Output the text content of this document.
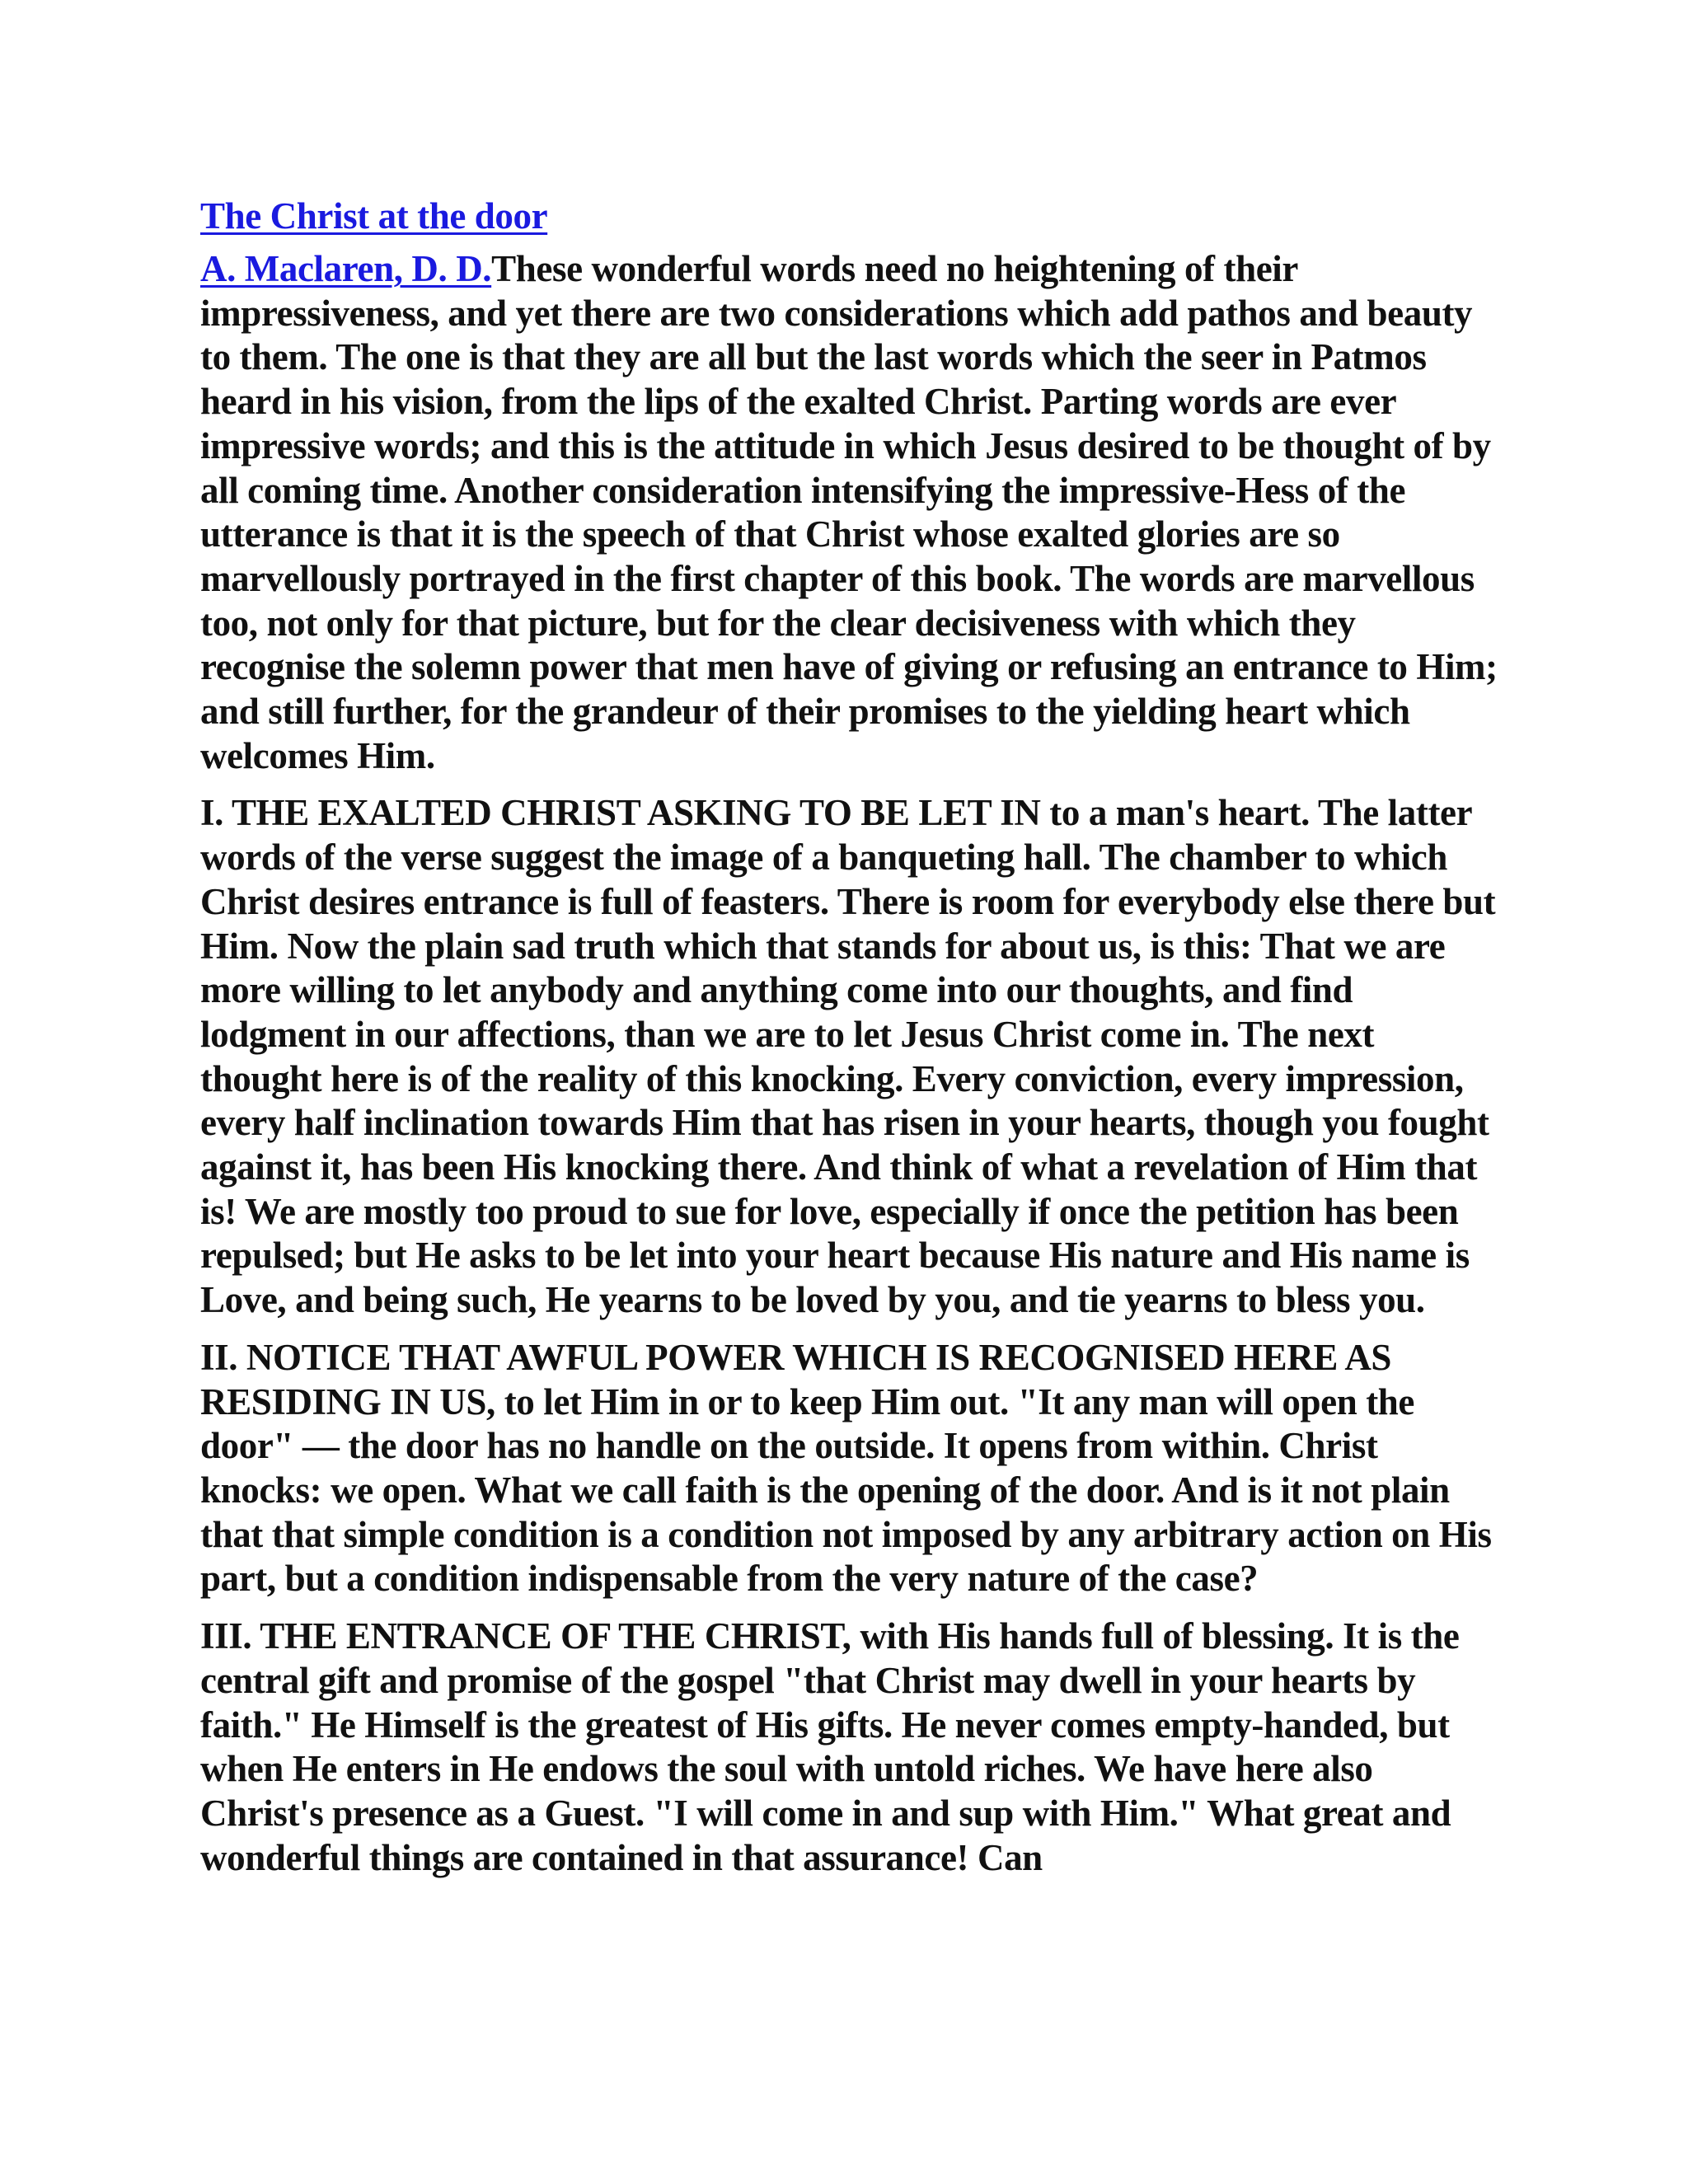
The Christ at the door

A. Maclaren, D. D.These wonderful words need no heightening of their impressiveness, and yet there are two considerations which add pathos and beauty to them. The one is that they are all but the last words which the seer in Patmos heard in his vision, from the lips of the exalted Christ. Parting words are ever impressive words; and this is the attitude in which Jesus desired to be thought of by all coming time. Another consideration intensifying the impressive-Hess of the utterance is that it is the speech of that Christ whose exalted glories are so marvellously portrayed in the first chapter of this book. The words are marvellous too, not only for that picture, but for the clear decisiveness with which they recognise the solemn power that men have of giving or refusing an entrance to Him; and still further, for the grandeur of their promises to the yielding heart which welcomes Him.

I. THE EXALTED CHRIST ASKING TO BE LET IN to a man's heart. The latter words of the verse suggest the image of a banqueting hall. The chamber to which Christ desires entrance is full of feasters. There is room for everybody else there but Him. Now the plain sad truth which that stands for about us, is this: That we are more willing to let anybody and anything come into our thoughts, and find lodgment in our affections, than we are to let Jesus Christ come in. The next thought here is of the reality of this knocking. Every conviction, every impression, every half inclination towards Him that has risen in your hearts, though you fought against it, has been His knocking there. And think of what a revelation of Him that is! We are mostly too proud to sue for love, especially if once the petition has been repulsed; but He asks to be let into your heart because His nature and His name is Love, and being such, He yearns to be loved by you, and tie yearns to bless you.

II. NOTICE THAT AWFUL POWER WHICH IS RECOGNISED HERE AS RESIDING IN US, to let Him in or to keep Him out. "It any man will open the door" — the door has no handle on the outside. It opens from within. Christ knocks: we open. What we call faith is the opening of the door. And is it not plain that that simple condition is a condition not imposed by any arbitrary action on His part, but a condition indispensable from the very nature of the case?

III. THE ENTRANCE OF THE CHRIST, with His hands full of blessing. It is the central gift and promise of the gospel "that Christ may dwell in your hearts by faith." He Himself is the greatest of His gifts. He never comes empty-handed, but when He enters in He endows the soul with untold riches. We have here also Christ's presence as a Guest. "I will come in and sup with Him." What great and wonderful things are contained in that assurance! Can
